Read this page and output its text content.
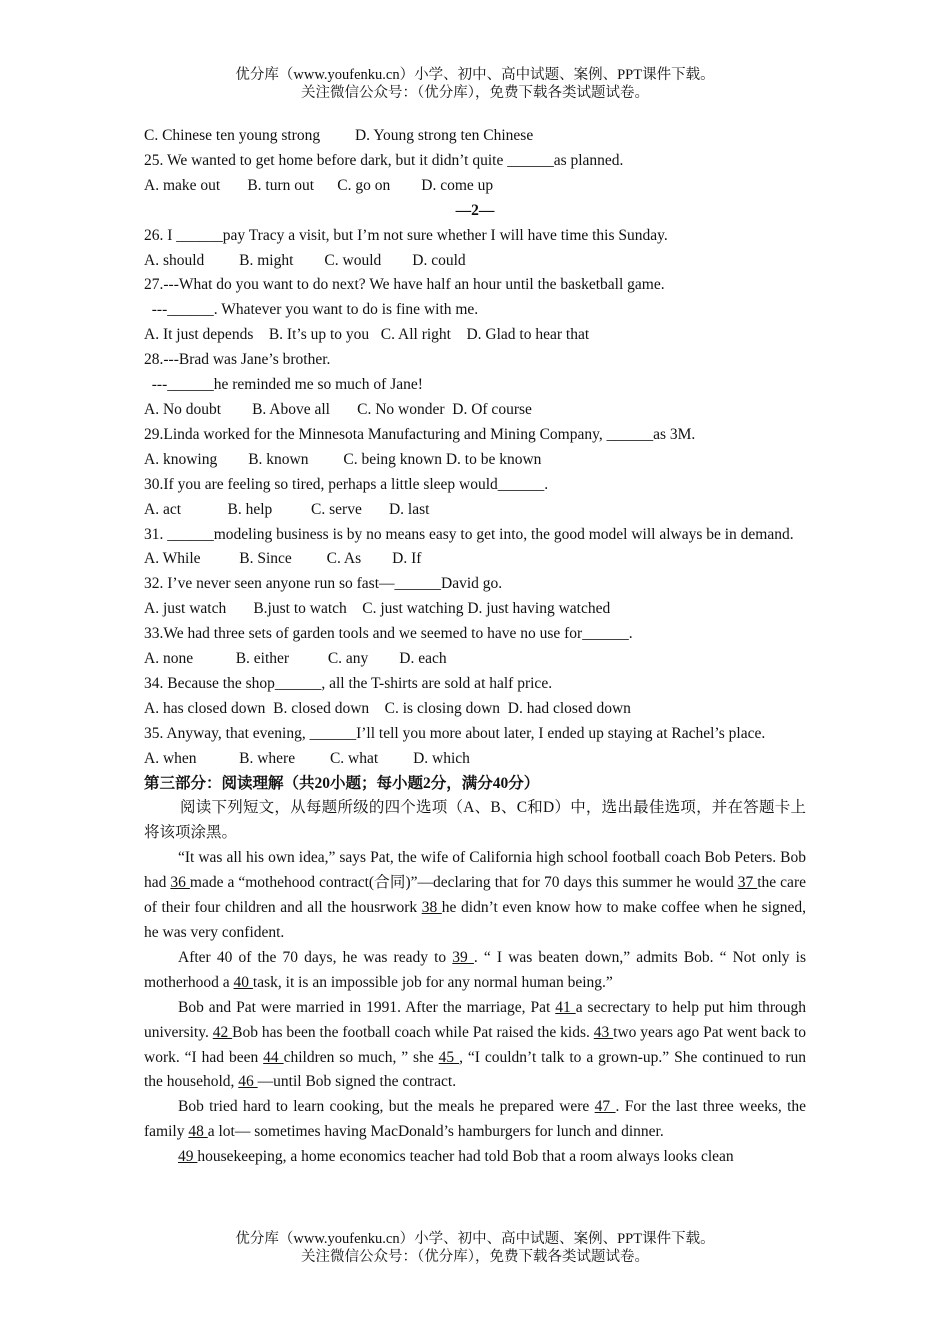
优分库（www.youfenku.cn）小学、初中、高中试题、案例、PPT课件下载。
关注微信公众号：（优分库），免费下载各类试题试卷。
C. Chinese ten young strong         D. Young strong ten Chinese
25. We wanted to get home before dark, but it didn’t quite ______as planned.
A. make out       B. turn out      C. go on        D. come up
—2—
26. I ______pay Tracy a visit, but I’m not sure whether I will have time this Sunday.
A. should         B. might        C. would        D. could
27.---What do you want to do next? We have half an hour until the basketball game.
---______. Whatever you want to do is fine with me.
A. It just depends    B. It’s up to you   C. All right    D. Glad to hear that
28.---Brad was Jane’s brother.
---______he reminded me so much of Jane!
A. No doubt        B. Above all       C. No wonder  D. Of course
29.Linda worked for the Minnesota Manufacturing and Mining Company, ______as 3M.
A. knowing        B. known         C. being known D. to be known
30.If you are feeling so tired, perhaps a little sleep would______.
A. act            B. help          C. serve       D. last
31. ______modeling business is by no means easy to get into, the good model will always be in demand.
A. While          B. Since         C. As        D. If
32. I’ve never seen anyone run so fast—______David go.
A. just watch       B.just to watch    C. just watching D. just having watched
33.We had three sets of garden tools and we seemed to have no use for______.
A. none           B. either          C. any        D. each
34. Because the shop______, all the T-shirts are sold at half price.
A. has closed down  B. closed down    C. is closing down  D. had closed down
35. Anyway, that evening, ______I’ll tell you more about later, I ended up staying at Rachel’s place.
A. when           B. where         C. what         D. which
第三部分：阅读理解（共20小题；每小题2分，满分40分）
阅读下列短文，从每题所级的四个选项（A、B、C和D）中，选出最佳选项，并在答题卡上将该项涂黑。

“It was all his own idea,” says Pat, the wife of California high school football coach Bob Peters. Bob had 36 made a “mothehood contract(合同)”—declaring that for 70 days this summer he would 37 the care of their four children and all the housrwork 38 he didn’t even know how to make coffee when he signed, he was very confident.

After 40 of the 70 days, he was ready to 39 . “ I was beaten down,” admits Bob. “ Not only is motherhood a 40 task, it is an impossible job for any normal human being.”

Bob and Pat were married in 1991. After the marriage, Pat 41 a secrectary to help put him through university. 42 Bob has been the football coach while Pat raised the kids. 43 two years ago Pat went back to work. “I had been 44 children so much, ” she 45 , “I couldn’t talk to a grown-up.” She continued to run the household, 46 —until Bob signed the contract.

Bob tried hard to learn cooking, but the meals he prepared were 47 . For the last three weeks, the family 48 a lot— sometimes having MacDonald’s hamburgers for lunch and dinner.

49 housekeeping, a home economics teacher had told Bob that a room always looks clean

优分库（www.youfenku.cn）小学、初中、高中试题、案例、PPT课件下载。
关注微信公众号：（优分库），免费下载各类试题试卷。
